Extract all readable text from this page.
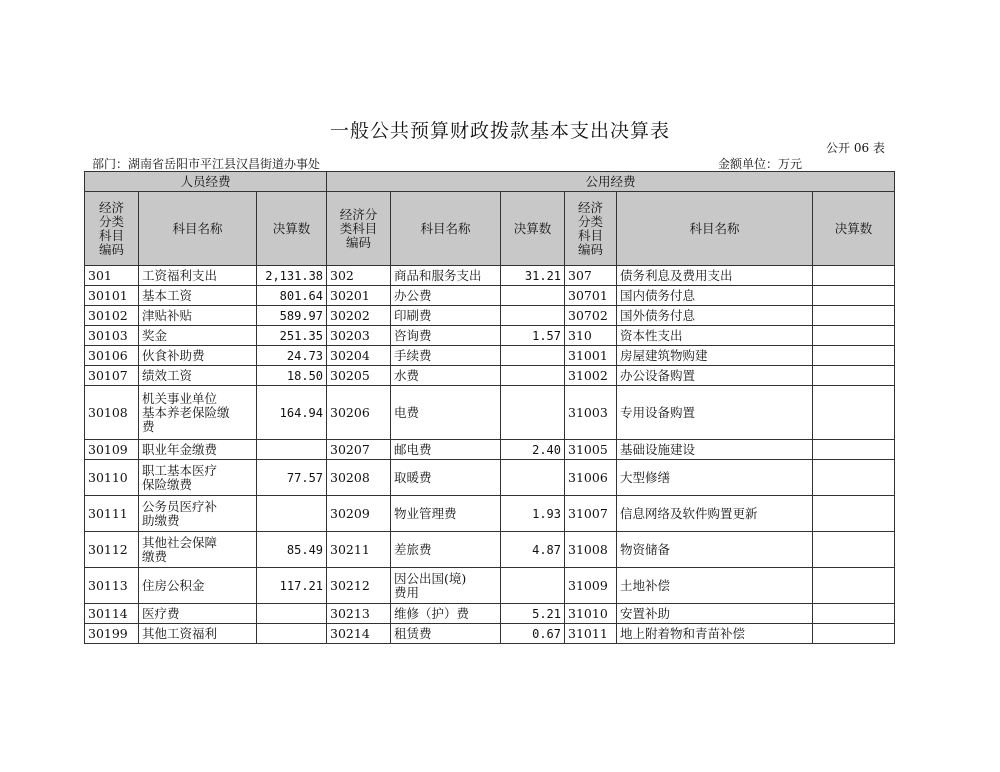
一般公共预算财政拨款基本支出决算表
公开 06 表
部门：湖南省岳阳市平江县汉昌街道办事处	金额单位：万元
人员经费			公用经费					
经济
分类
科目
编码	科目名称	决算数	经济分
类科目
编码	科目名称	决算数	经济
分类
科目
编码	科目名称	决算数
301	工资福利支出	2,131.38	302	商品和服务支出	31.21	307	债务利息及费用支出	
30101	基本工资	801.64	30201	办公费		30701	国内债务付息	
30102	津贴补贴	589.97	30202	印刷费		30702	国外债务付息	
30103	奖金	251.35	30203	咨询费	1.57	310	资本性支出	
30106	伙食补助费	24.73	30204	手续费		31001	房屋建筑物购建	
30107	绩效工资	18.50	30205	水费		31002	办公设备购置	
30108	机关事业单位
基本养老保险缴
费	164.94	30206	电费		31003	专用设备购置	
30109	职业年金缴费		30207	邮电费	2.40	31005	基础设施建设	
30110	职工基本医疗
保险缴费	77.57	30208	取暖费		31006	大型修缮	
30111	公务员医疗补
助缴费		30209	物业管理费	1.93	31007	信息网络及软件购置更新	
30112	其他社会保障
缴费	85.49	30211	差旅费	4.87	31008	物资储备	
30113	住房公积金	117.21	30212	因公出国(境)
费用		31009	土地补偿	
30114	医疗费		30213	维修（护）费	5.21	31010	安置补助	
30199	其他工资福利		30214	租赁费	0.67	31011	地上附着物和青苗补偿	
